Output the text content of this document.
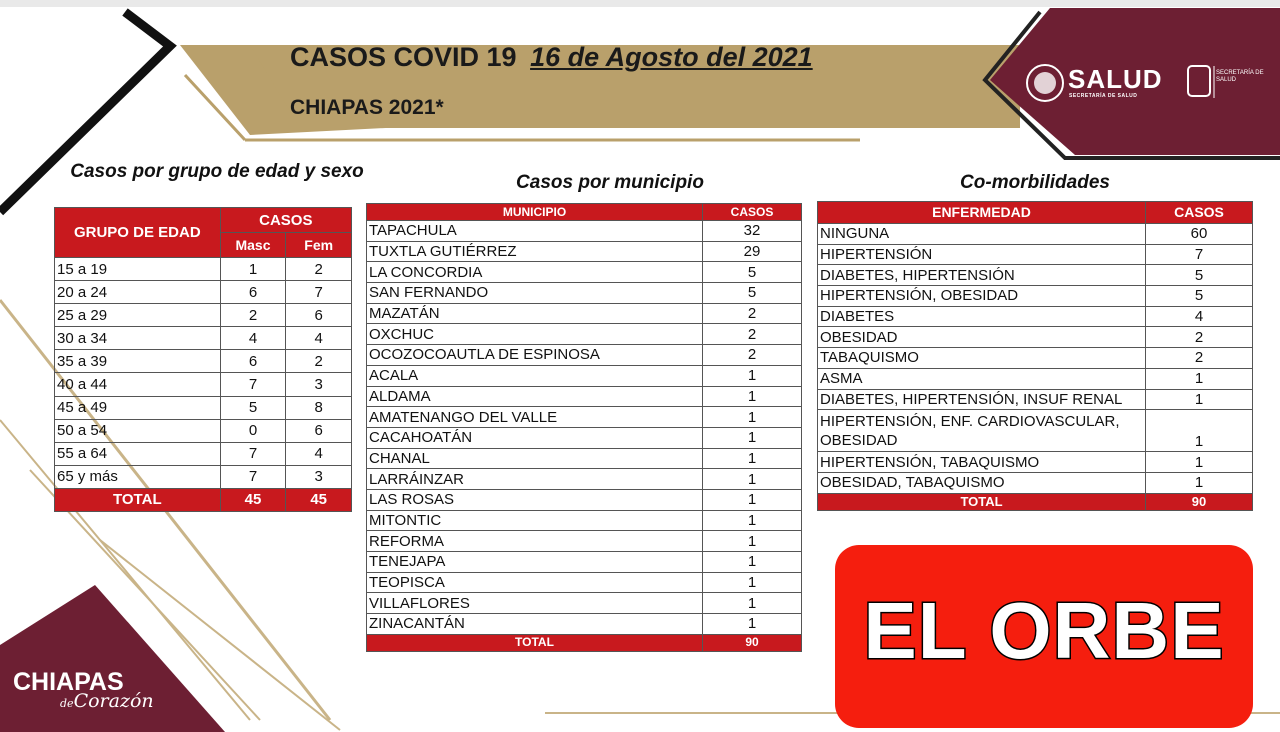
CASOS COVID 19 16 de Agosto del 2021
CHIAPAS 2021*
SALUD
SECRETARÍA DE SALUD
SECRETARÍA DE SALUD
Casos por grupo de edad y sexo
Casos por municipio	Co-morbilidades
GRUPO DE EDAD	CASOS	
	Masc	Fem
15 a 19	1	2
20 a 24	6	7
25 a 29	2	6
30 a 34	4	4
35 a 39	6	2
40 a 44	7	3
45 a 49	5	8
50 a 54	0	6
55 a 64	7	4
65 y más	7	3
TOTAL	45	45
MUNICIPIO	CASOS
TAPACHULA	32
TUXTLA GUTIÉRREZ	29
LA CONCORDIA	5
SAN FERNANDO	5
MAZATÁN	2
OXCHUC	2
OCOZOCOAUTLA DE ESPINOSA	2
ACALA	1
ALDAMA	1
AMATENANGO DEL VALLE	1
CACAHOATÁN	1
CHANAL	1
LARRÁINZAR	1
LAS ROSAS	1
MITONTIC	1
REFORMA	1
TENEJAPA	1
TEOPISCA	1
VILLAFLORES	1
ZINACANTÁN	1
TOTAL	90
ENFERMEDAD	CASOS
NINGUNA	60
HIPERTENSIÓN	7
DIABETES, HIPERTENSIÓN	5
HIPERTENSIÓN, OBESIDAD	5
DIABETES	4
OBESIDAD	2
TABAQUISMO	2
ASMA	1
DIABETES, HIPERTENSIÓN, INSUF RENAL	1
HIPERTENSIÓN, ENF. CARDIOVASCULAR, OBESIDAD	1
HIPERTENSIÓN, TABAQUISMO	1
OBESIDAD, TABAQUISMO	1
TOTAL	90
EL ORBE
CHIAPAS
deCorazón
